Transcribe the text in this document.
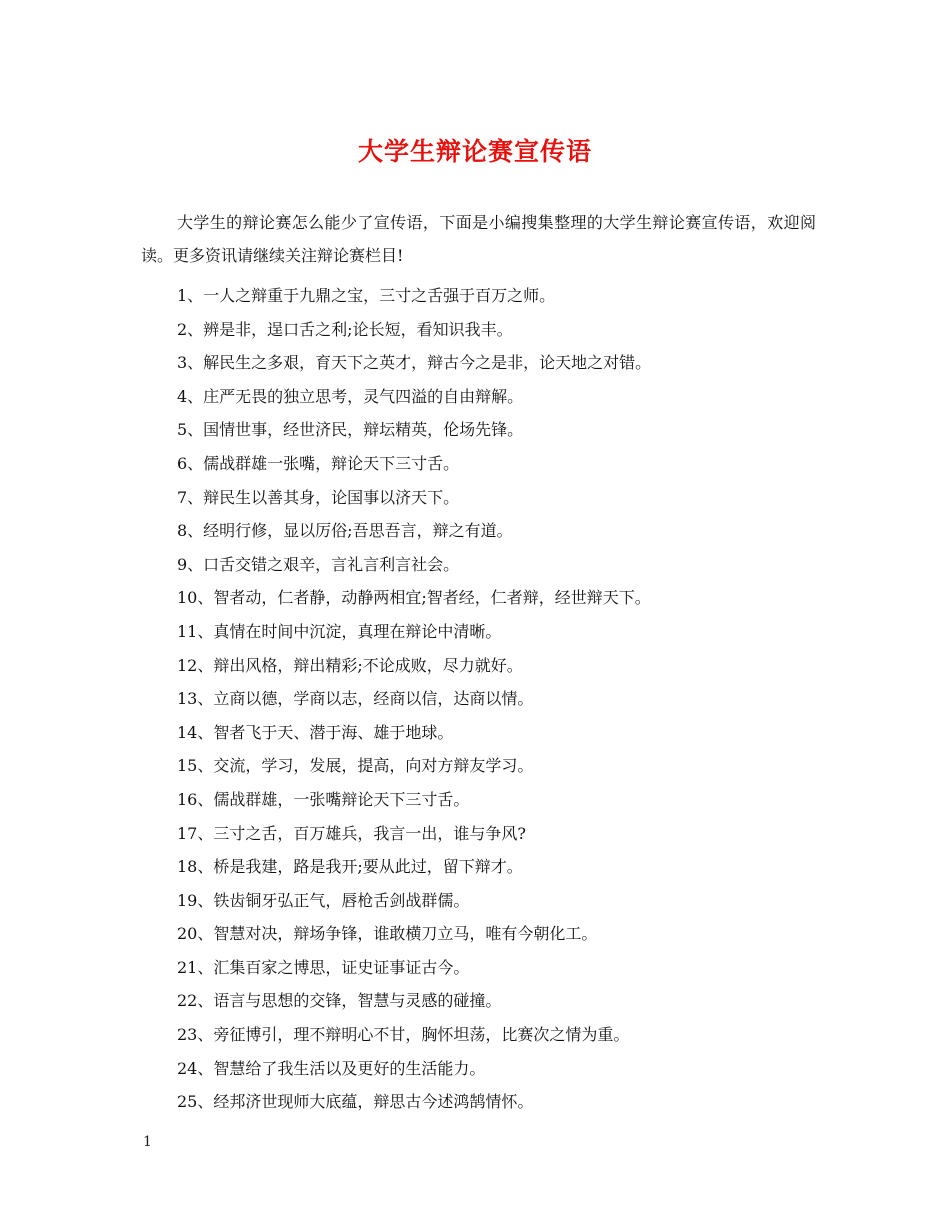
大学生辩论赛宣传语
大学生的辩论赛怎么能少了宣传语，下面是小编搜集整理的大学生辩论赛宣传语，欢迎阅读。更多资讯请继续关注辩论赛栏目!
1、一人之辩重于九鼎之宝，三寸之舌强于百万之师。
2、辨是非，逞口舌之利;论长短，看知识我丰。
3、解民生之多艰，育天下之英才，辩古今之是非，论天地之对错。
4、庄严无畏的独立思考，灵气四溢的自由辩解。
5、国情世事，经世济民，辩坛精英，伦场先锋。
6、儒战群雄一张嘴，辩论天下三寸舌。
7、辩民生以善其身，论国事以济天下。
8、经明行修，显以厉俗;吾思吾言，辩之有道。
9、口舌交错之艰辛，言礼言利言社会。
10、智者动，仁者静，动静两相宜;智者经，仁者辩，经世辩天下。
11、真情在时间中沉淀，真理在辩论中清晰。
12、辩出风格，辩出精彩;不论成败，尽力就好。
13、立商以德，学商以志，经商以信，达商以情。
14、智者飞于天、潜于海、雄于地球。
15、交流，学习，发展，提高，向对方辩友学习。
16、儒战群雄，一张嘴辩论天下三寸舌。
17、三寸之舌，百万雄兵，我言一出，谁与争风?
18、桥是我建，路是我开;要从此过，留下辩才。
19、铁齿铜牙弘正气，唇枪舌剑战群儒。
20、智慧对决，辩场争锋，谁敢横刀立马，唯有今朝化工。
21、汇集百家之博思，证史证事证古今。
22、语言与思想的交锋，智慧与灵感的碰撞。
23、旁征博引，理不辩明心不甘，胸怀坦荡，比赛次之情为重。
24、智慧给了我生活以及更好的生活能力。
25、经邦济世现师大底蕴，辩思古今述鸿鹄情怀。
1
